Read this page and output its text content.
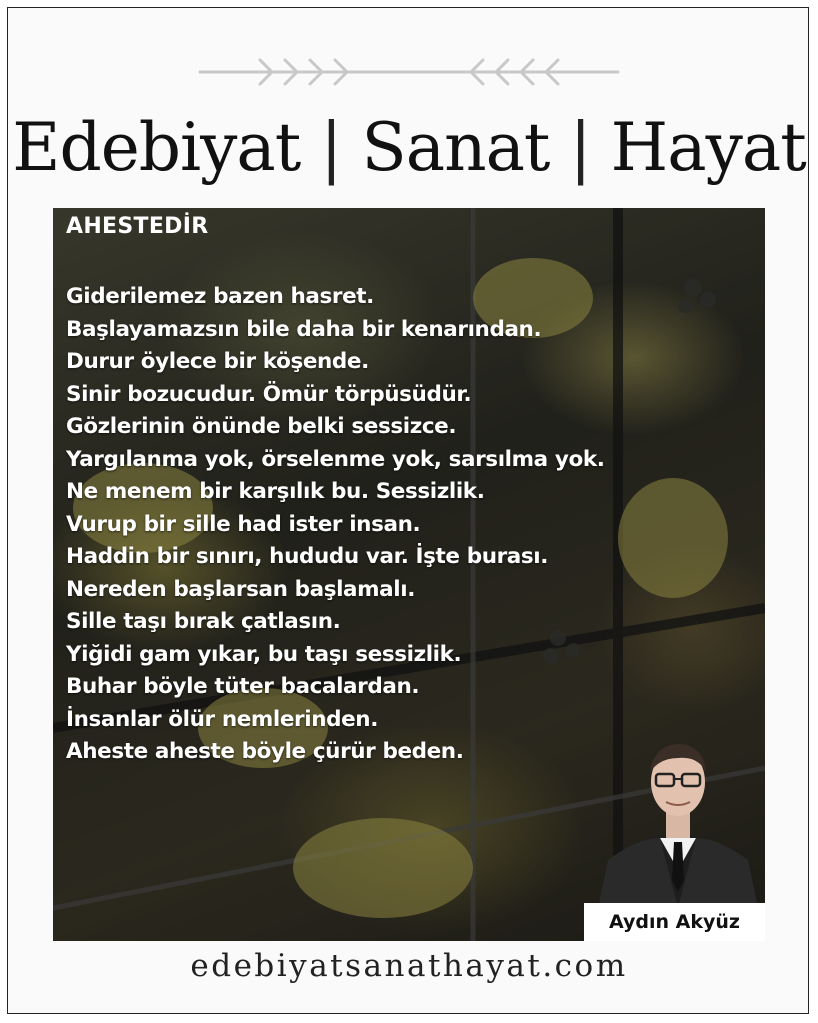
Edebiyat | Sanat | Hayat
AHESTEDİR
Giderilemez bazen hasret.
Başlayamazsın bile daha bir kenarından.
Durur öylece bir köşende.
Sinir bozucudur. Ömür törpüsüdür.
Gözlerinin önünde belki sessizce.
Yargılanma yok, örselenme yok, sarsılma yok.
Ne menem bir karşılık bu. Sessizlik.
Vurup bir sille had ister insan.
Haddin bir sınırı, hududu var. İşte burası.
Nereden başlarsan başlamalı.
Sille taşı bırak çatlasın.
Yiğidi gam yıkar, bu taşı sessizlik.
Buhar böyle tüter bacalardan.
İnsanlar ölür nemlerinden.
Aheste aheste böyle çürür beden.
Aydın Akyüz
edebiyatsanathayat.com
